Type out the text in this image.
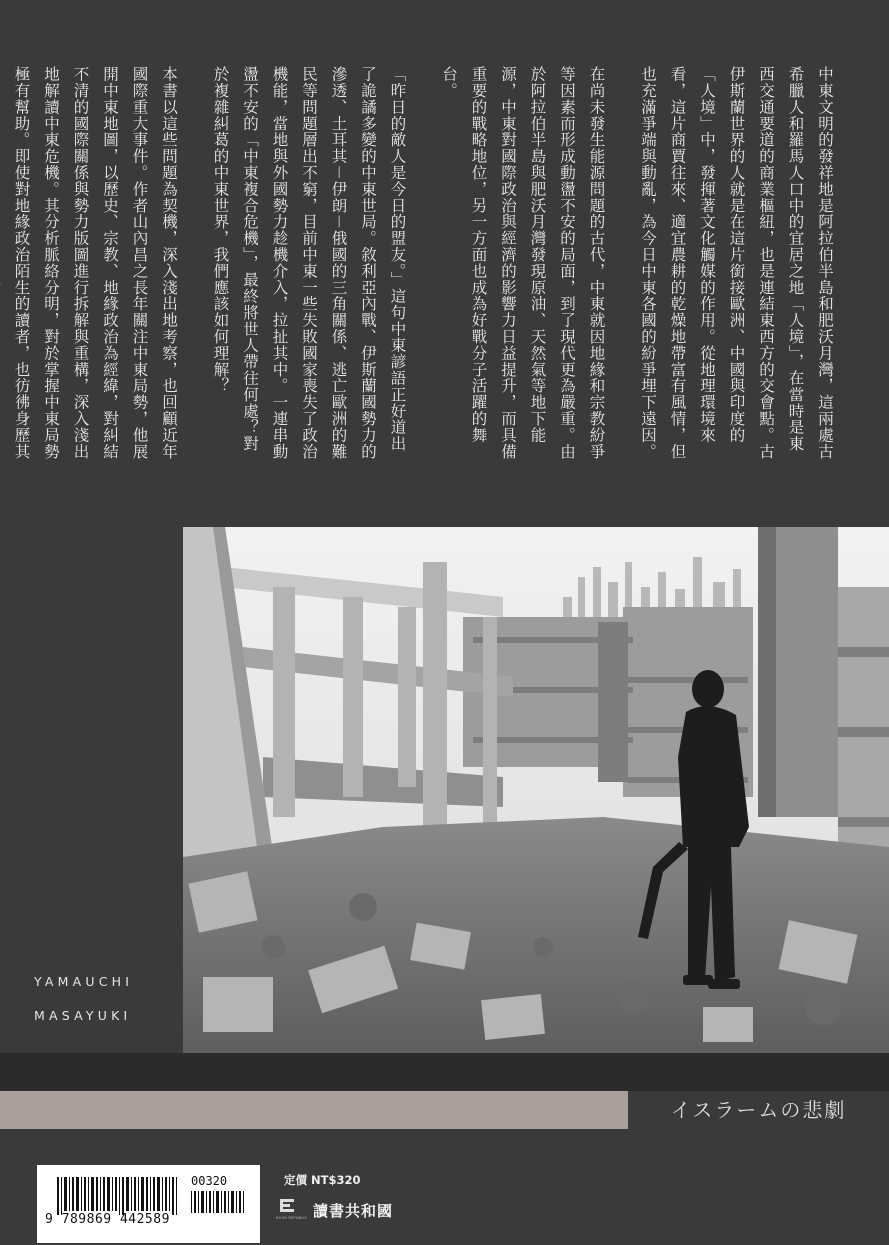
中東文明的發祥地是阿拉伯半島和肥沃月灣，這兩處古希臘人和羅馬人口中的宜居之地「人境」，在當時是東西交通要道的商業樞紐，也是連結東西方的交會點。古伊斯蘭世界的人就是在這片銜接歐洲、中國與印度的「人境」中，發揮著文化觸媒的作用。從地理環境來看，這片商賈往來、適宜農耕的乾燥地帶富有風情，但也充滿爭端與動亂，為今日中東各國的紛爭埋下遠因。

在尚未發生能源問題的古代，中東就因地緣和宗教紛爭等因素而形成動盪不安的局面，到了現代更為嚴重。由於阿拉伯半島與肥沃月灣發現原油、天然氣等地下能源，中東對國際政治與經濟的影響力日益提升，而具備重要的戰略地位，另一方面也成為好戰分子活躍的舞台。

「昨日的敵人是今日的盟友。」這句中東諺語正好道出了詭譎多變的中東世局。敘利亞內戰、伊斯蘭國勢力的滲透、土耳其－伊朗－俄國的三角關係、逃亡歐洲的難民等問題層出不窮，目前中東一些失敗國家喪失了政治機能，當地與外國勢力趁機介入，拉扯其中。一連串動盪不安的「中東複合危機」，最終將世人帶往何處？對於複雜糾葛的中東世界，我們應該如何理解？

本書以這些問題為契機，深入淺出地考察，也回顧近年國際重大事件。作者山內昌之長年關注中東局勢，他展開中東地圖，以歷史、宗教、地緣政治為經緯，對糾結不清的國際關係與勢力版圖進行拆解與重構，深入淺出地解讀中東危機。其分析脈絡分明，對於掌握中東局勢極有幫助。即使對地緣政治陌生的讀者，也彷彿身歷其

YAMAUCHI
MASAYUKI
イスラームの悲劇
9 789869 442589
00320	定價 NT$320
ROOK REPUBLIC 讀書共和國
